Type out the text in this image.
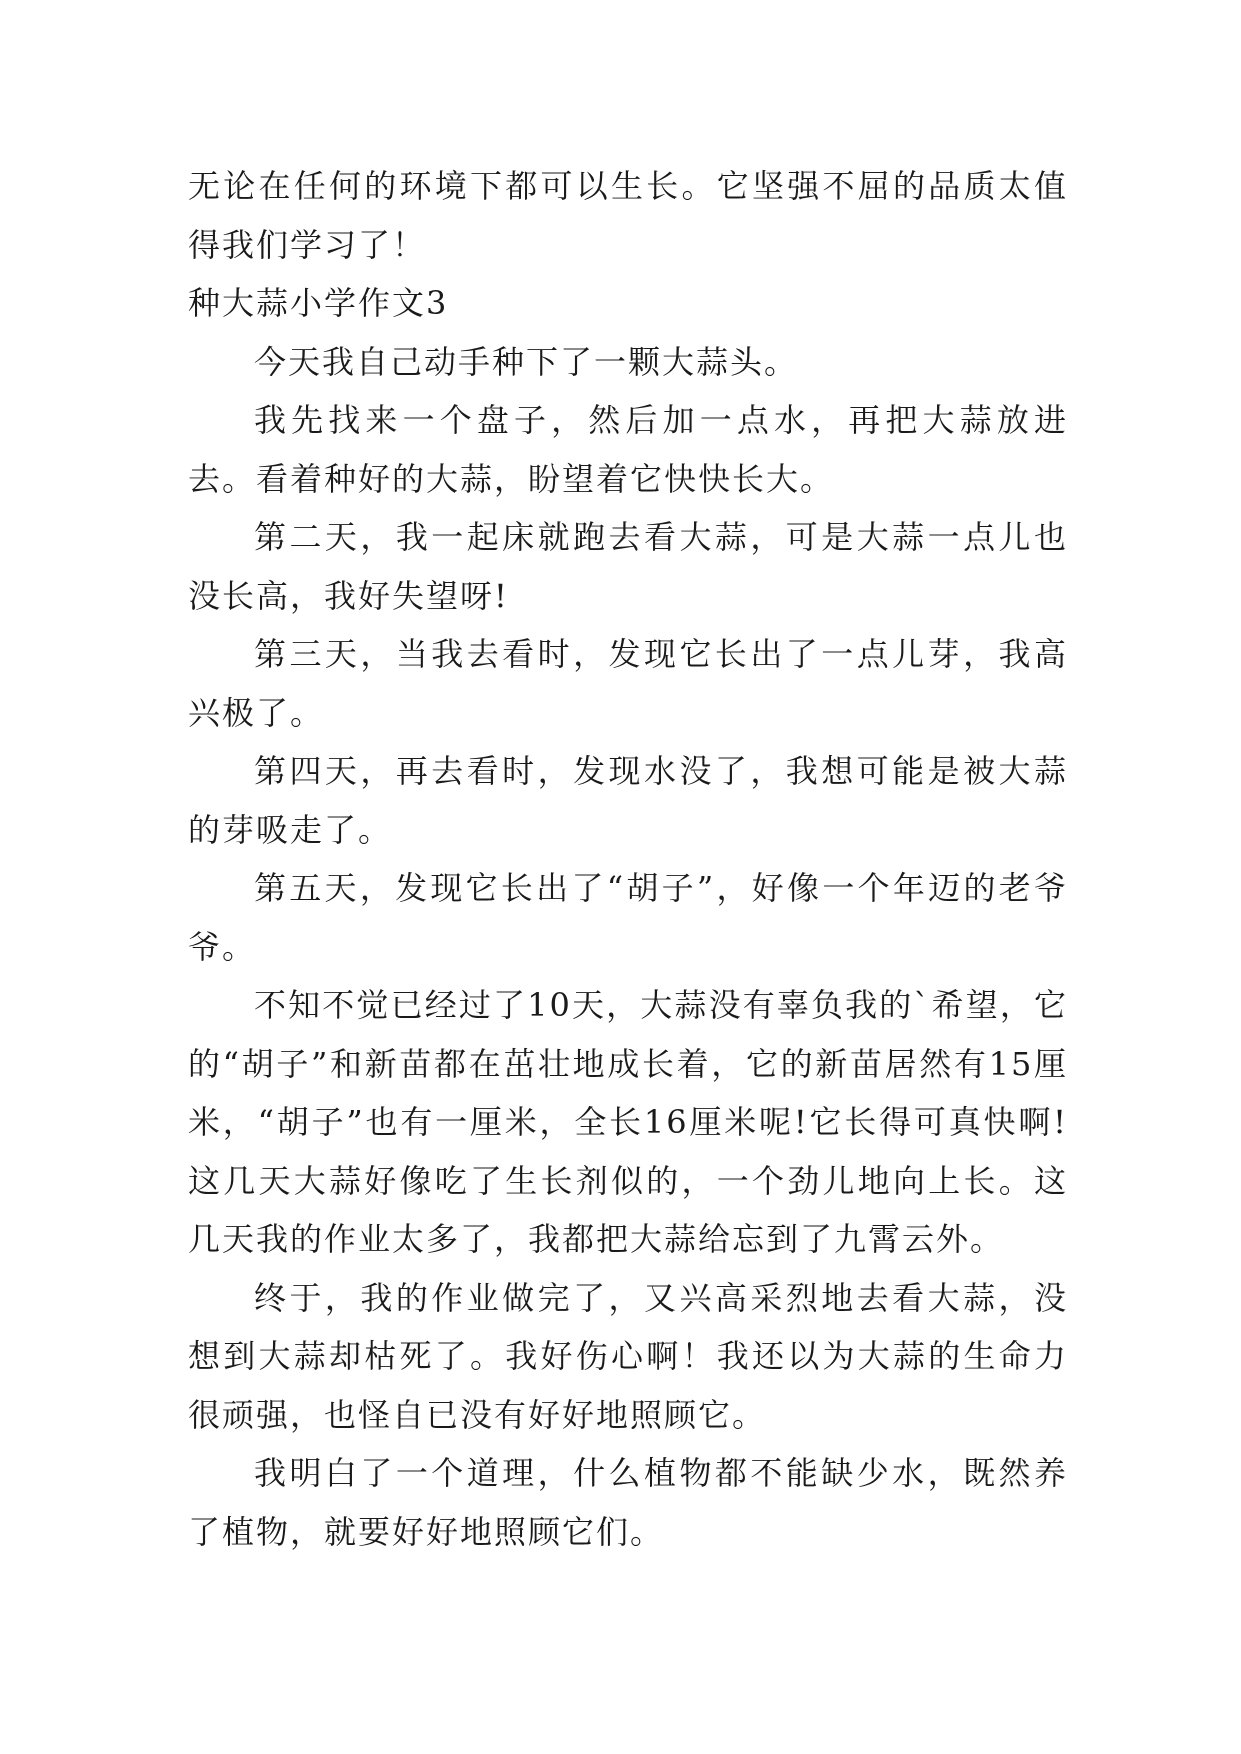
无论在任何的环境下都可以生长。它坚强不屈的品质太值得我们学习了！

种大蒜小学作文3

今天我自己动手种下了一颗大蒜头。

我先找来一个盘子，然后加一点水，再把大蒜放进去。看着种好的大蒜，盼望着它快快长大。

第二天，我一起床就跑去看大蒜，可是大蒜一点儿也没长高，我好失望呀!

第三天，当我去看时，发现它长出了一点儿芽，我高兴极了。

第四天，再去看时，发现水没了，我想可能是被大蒜的芽吸走了。

第五天，发现它长出了“胡子”，好像一个年迈的老爷爷。

不知不觉已经过了10天，大蒜没有辜负我的`希望，它的“胡子”和新苗都在茁壮地成长着，它的新苗居然有15厘米，“胡子”也有一厘米，全长16厘米呢!它长得可真快啊!这几天大蒜好像吃了生长剂似的，一个劲儿地向上长。这几天我的作业太多了，我都把大蒜给忘到了九霄云外。

终于，我的作业做完了，又兴高采烈地去看大蒜，没想到大蒜却枯死了。我好伤心啊！我还以为大蒜的生命力很顽强，也怪自已没有好好地照顾它。

我明白了一个道理，什么植物都不能缺少水，既然养了植物，就要好好地照顾它们。
